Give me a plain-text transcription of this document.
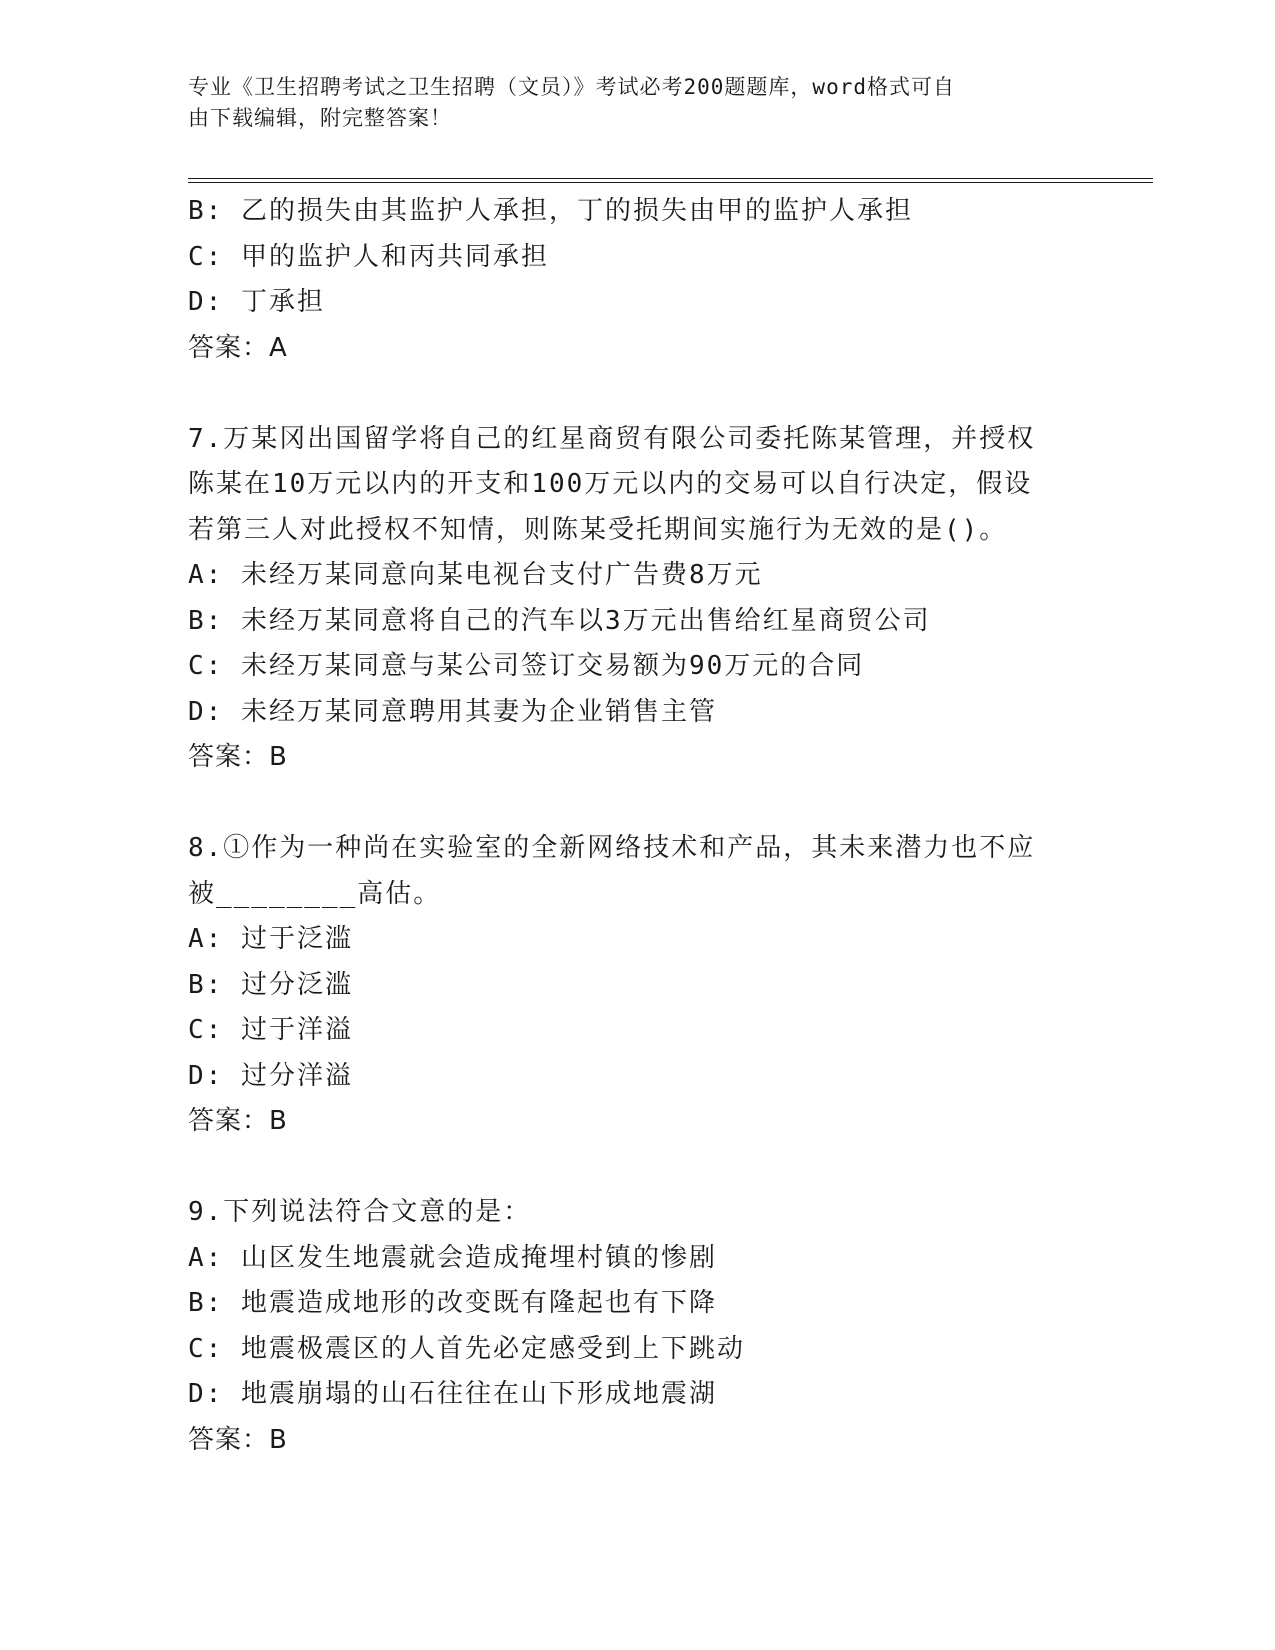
专业《卫生招聘考试之卫生招聘（文员）》考试必考200题题库，word格式可自
由下载编辑，附完整答案！
B: 乙的损失由其监护人承担，丁的损失由甲的监护人承担
C: 甲的监护人和丙共同承担
D: 丁承担
答案：A
7.万某冈出国留学将自己的红星商贸有限公司委托陈某管理，并授权
陈某在10万元以内的开支和100万元以内的交易可以自行决定，假设
若第三人对此授权不知情，则陈某受托期间实施行为无效的是()。
A: 未经万某同意向某电视台支付广告费8万元
B: 未经万某同意将自己的汽车以3万元出售给红星商贸公司
C: 未经万某同意与某公司签订交易额为90万元的合同
D: 未经万某同意聘用其妻为企业销售主管
答案：B
8.①作为一种尚在实验室的全新网络技术和产品，其未来潜力也不应
被________高估。
A: 过于泛滥
B: 过分泛滥
C: 过于洋溢
D: 过分洋溢
答案：B
9.下列说法符合文意的是：
A: 山区发生地震就会造成掩埋村镇的惨剧
B: 地震造成地形的改变既有隆起也有下降
C: 地震极震区的人首先必定感受到上下跳动
D: 地震崩塌的山石往往在山下形成地震湖
答案：B
